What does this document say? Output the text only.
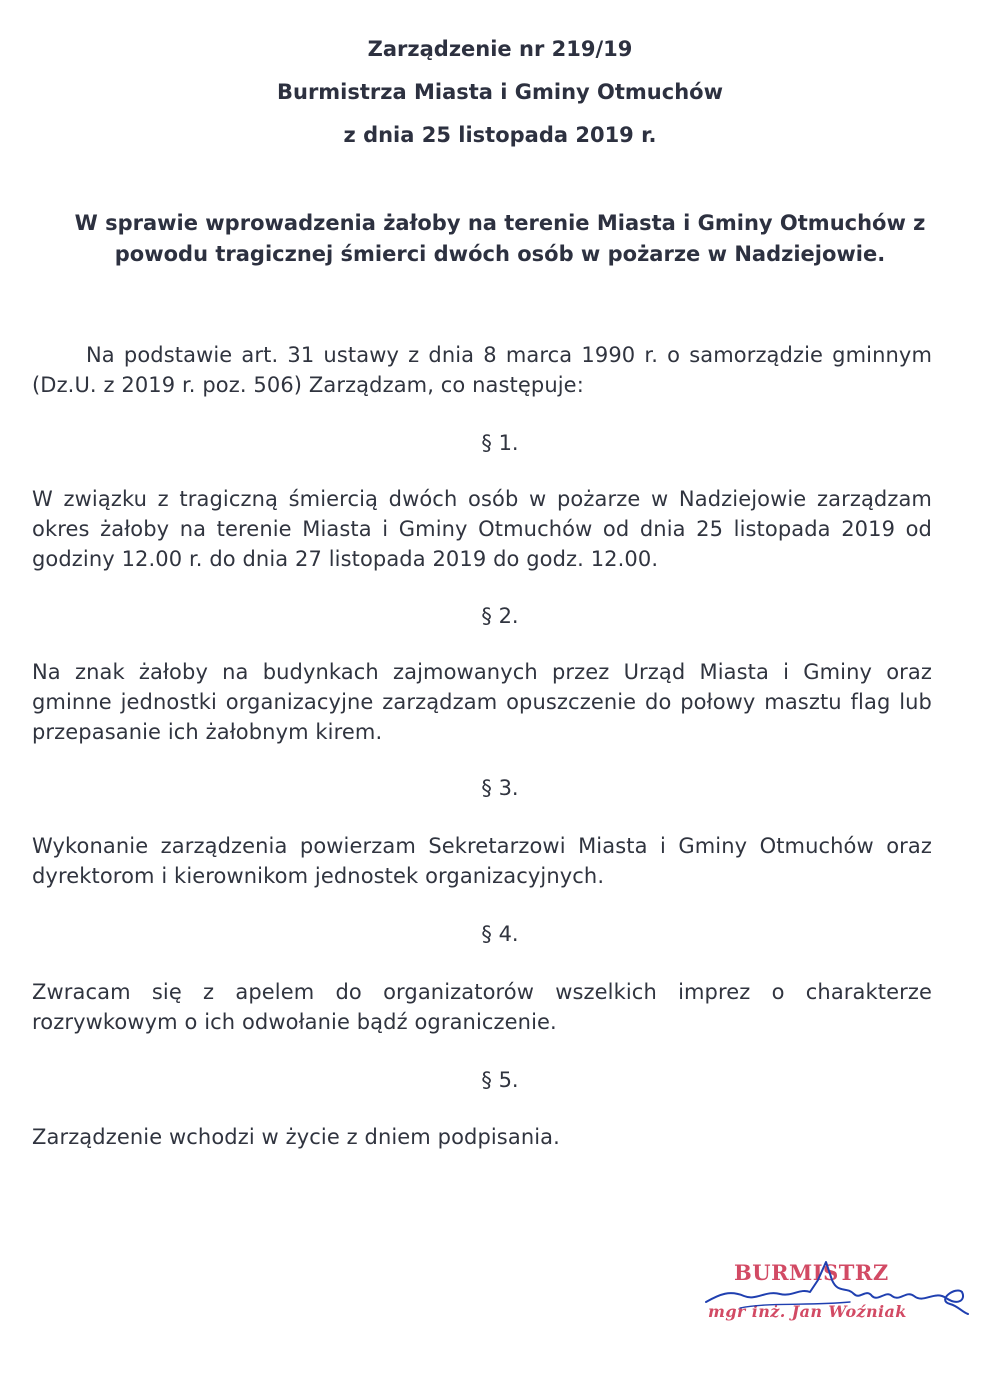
Zarządzenie nr 219/19
Burmistrza Miasta i Gminy Otmuchów
z dnia 25 listopada 2019 r.
W sprawie wprowadzenia żałoby na terenie Miasta i Gminy Otmuchów z
powodu tragicznej śmierci dwóch osób w pożarze w Nadziejowie.
Na podstawie art. 31 ustawy z dnia 8 marca 1990 r. o samorządzie gminnym (Dz.U. z 2019 r. poz. 506) Zarządzam, co następuje:
§ 1.
W związku z tragiczną śmiercią dwóch osób w pożarze w Nadziejowie zarządzam okres żałoby na terenie Miasta i Gminy Otmuchów od dnia 25 listopada 2019 od godziny 12.00 r. do dnia 27 listopada 2019 do godz. 12.00.
§ 2.
Na znak żałoby na budynkach zajmowanych przez Urząd Miasta i Gminy oraz gminne jednostki organizacyjne zarządzam opuszczenie do połowy masztu flag lub przepasanie ich żałobnym kirem.
§ 3.
Wykonanie zarządzenia powierzam Sekretarzowi Miasta i Gminy Otmuchów oraz dyrektorom i kierownikom jednostek organizacyjnych.
§ 4.
Zwracam się z apelem do organizatorów wszelkich imprez o charakterze rozrywkowym o ich odwołanie bądź ograniczenie.
§ 5.
Zarządzenie wchodzi w życie z dniem podpisania.
BURMISTRZ
mgr inż. Jan Woźniak
